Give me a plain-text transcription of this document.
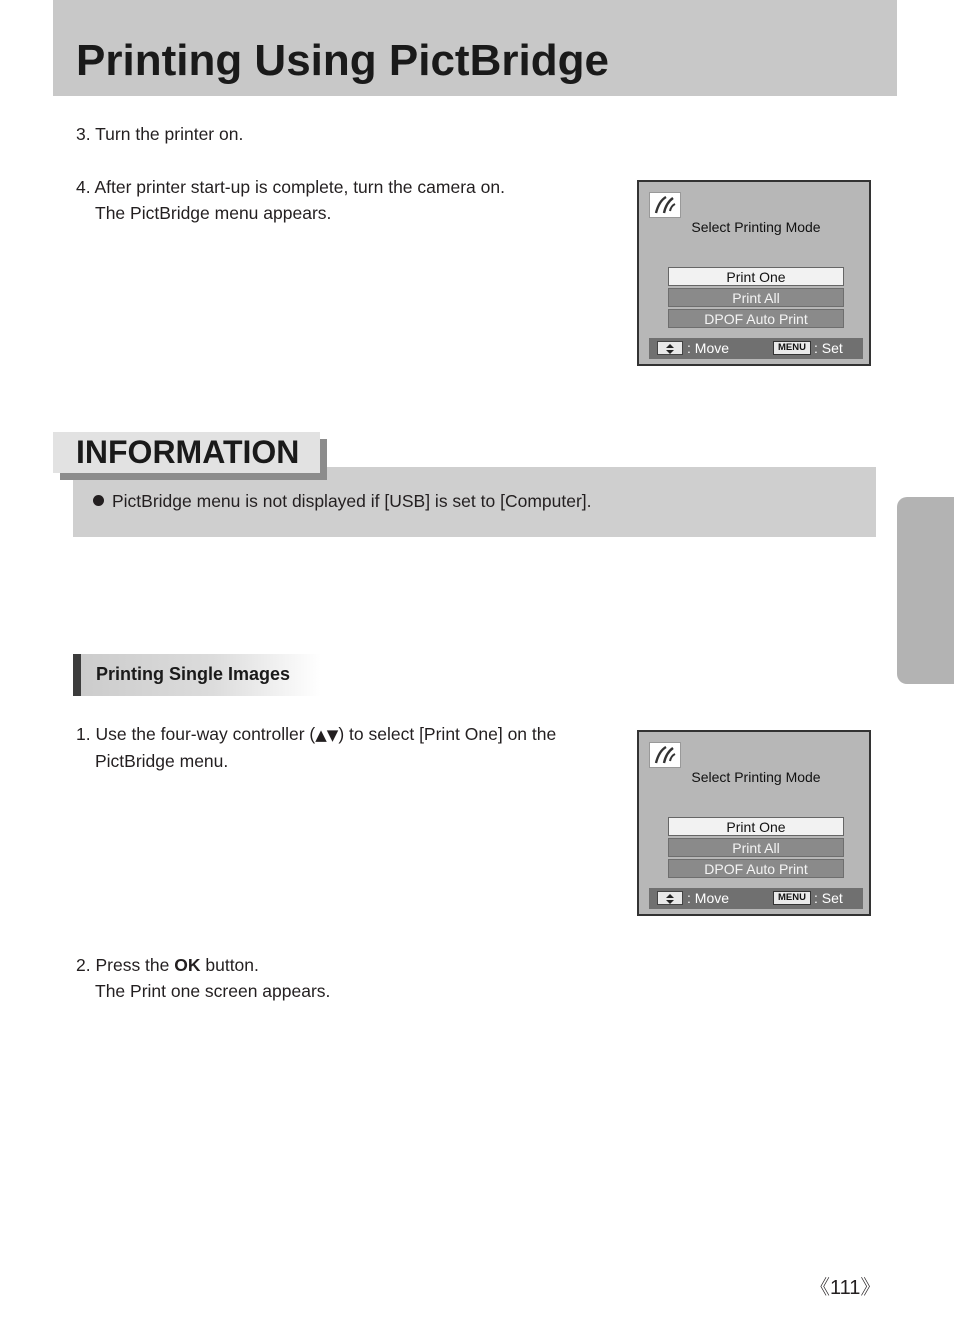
Printing Using PictBridge

3. Turn the printer on.

4. After printer start-up is complete, turn the camera on.
The PictBridge menu appears.

Select Printing Mode
Print One
Print All
DPOF Auto Print
: Move	MENU : Set
INFORMATION
PictBridge menu is not displayed if [USB] is set to [Computer].
Printing Single Images

1. Use the four-way controller (▲▼) to select [Print One] on the
PictBridge menu.

Select Printing Mode
Print One
Print All
DPOF Auto Print
: Move	MENU : Set

2. Press the OK button.
The Print one screen appears.

《111》
